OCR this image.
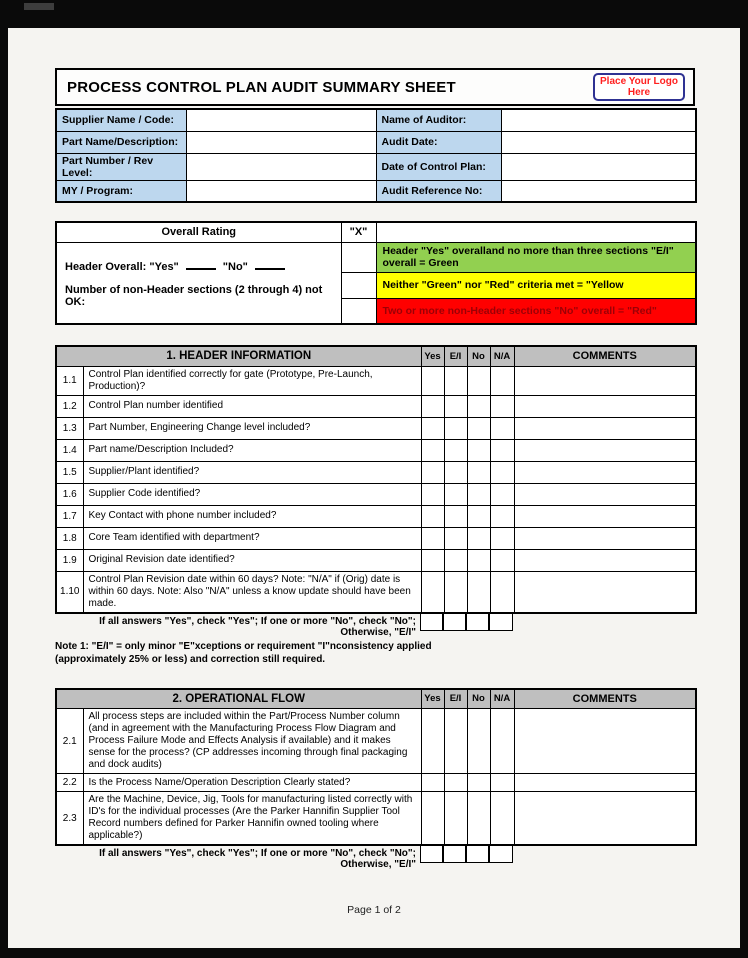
PROCESS CONTROL PLAN AUDIT SUMMARY SHEET	Place Your Logo Here
Supplier Name / Code:		Name of Auditor:	
Part Name/Description:		Audit Date:	
Part Number / Rev Level:		Date of Control Plan:	
MY / Program:		Audit Reference No:	
Overall Rating	"X"	

Header Overall: "Yes" "No"
Number of non-Header sections (2 through 4) not OK:		Header "Yes" overalland no more than three sections "E/I" overall = Green
		Neither "Green" nor "Red" criteria met = "Yellow
		Two or more non-Header sections "No" overall = "Red"
1. HEADER INFORMATION		Yes	E/I	No	N/A	COMMENTS
1.1	Control Plan identified correctly for gate (Prototype, Pre-Launch, Production)?					
1.2	Control Plan number identified					
1.3	Part Number, Engineering Change level included?					
1.4	Part name/Description Included?					
1.5	Supplier/Plant identified?					
1.6	Supplier Code identified?					
1.7	Key Contact with phone number included?					
1.8	Core Team identified with department?					
1.9	Original Revision date identified?					
1.10	Control Plan Revision date within 60 days? Note: "N/A" if (Orig) date is within 60 days. Note: Also "N/A" unless a know update should have been made.					
If all answers "Yes", check "Yes"; If one or more "No", check "No"; Otherwise, "E/I"
Note 1: "E/I" = only minor "E"xceptions or requirement "I"nconsistency applied (approximately 25% or less) and correction still required.
2. OPERATIONAL FLOW		Yes	E/I	No	N/A	COMMENTS
2.1	All process steps are included within the Part/Process Number column (and in agreement with the Manufacturing Process Flow Diagram and Process Failure Mode and Effects Analysis if available) and it makes sense for the process? (CP addresses incoming through final packaging and dock audits)					
2.2	Is the Process Name/Operation Description Clearly stated?					
2.3	Are the Machine, Device, Jig, Tools for manufacturing listed correctly with ID's for the individual processes (Are the Parker Hannifin Supplier Tool Record numbers defined for Parker Hannifin owned tooling where applicable?)					
If all answers "Yes", check "Yes"; If one or more "No", check "No"; Otherwise, "E/I"
Page 1 of 2
